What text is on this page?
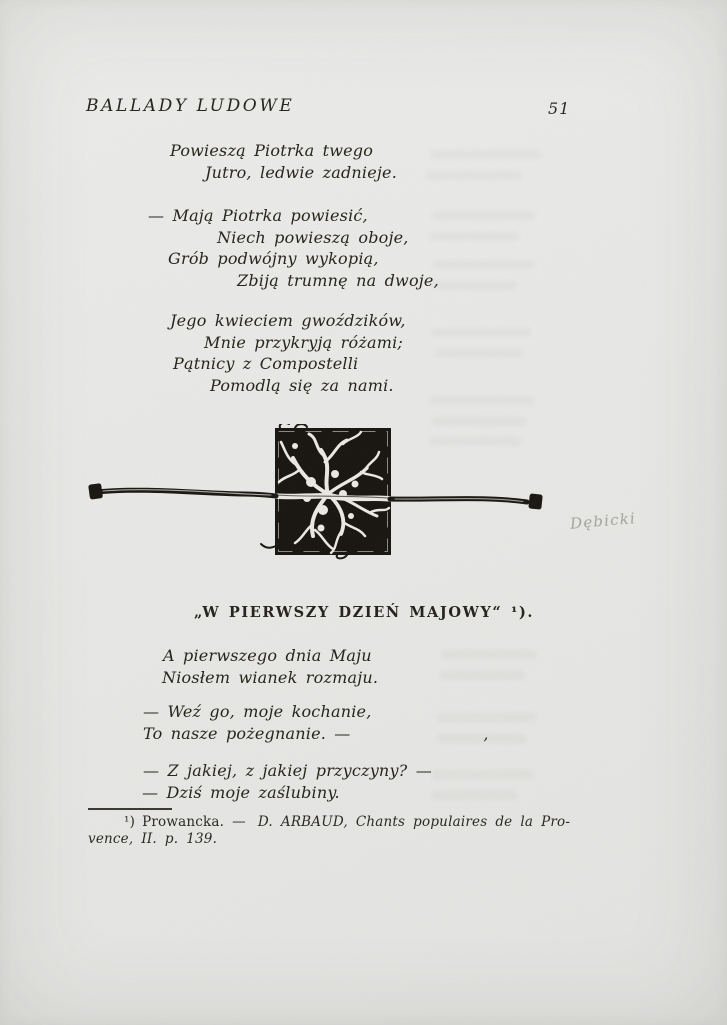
BALLADY LUDOWE	51
Powieszą Piotrka twego
Jutro, ledwie zadnieje.
— Mają Piotrka powiesić,
Niech powieszą oboje,
Grób podwójny wykopią,
Zbiją trumnę na dwoje,
Jego kwieciem gwoździków,
Mnie przykryją różami;
Pątnicy z Compostelli
Pomodlą się za nami.
Dębicki
„W PIERWSZY DZIEŃ MAJOWY“ ¹).
A pierwszego dnia Maju
Niosłem wianek rozmaju.
— Weź go, moje kochanie,
To nasze pożegnanie. —
— Z jakiej, z jakiej przyczyny? —
— Dziś moje zaślubiny.
’
¹) Prowancka. — D. ARBAUD, Chants populaires de la Pro-
vence, II. p. 139.
